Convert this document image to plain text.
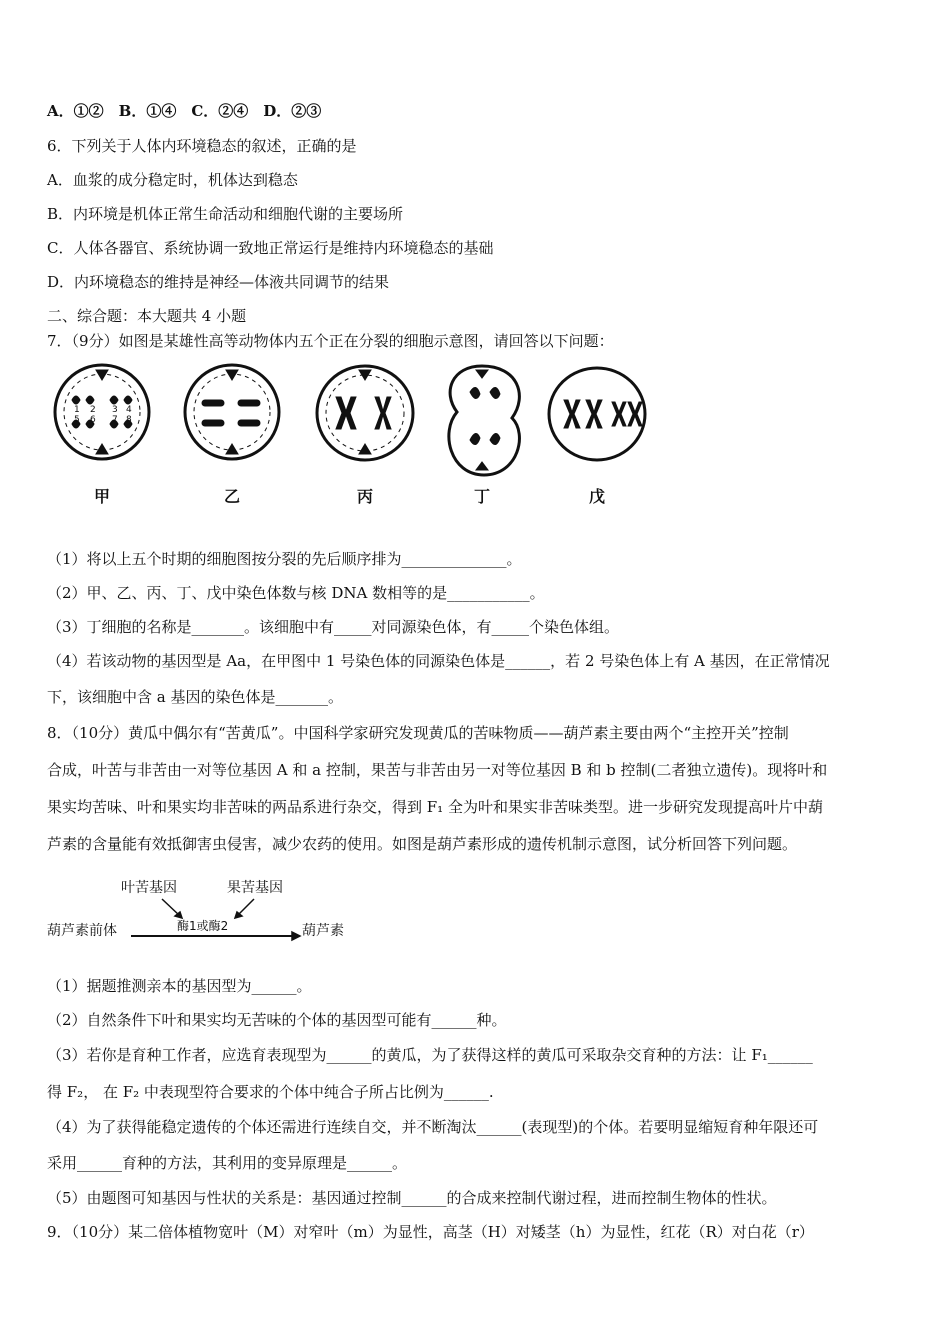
A．①②　B．①④　C．②④　D．②③
6．下列关于人体内环境稳态的叙述，正确的是
A．血浆的成分稳定时，机体达到稳态
B．内环境是机体正常生命活动和细胞代谢的主要场所
C．人体各器官、系统协调一致地正常运行是维持内环境稳态的基础
D．内环境稳态的维持是神经—体液共同调节的结果
二、综合题：本大题共 4 小题
7．（9分）如图是某雄性高等动物体内五个正在分裂的细胞示意图，请回答以下问题：
1 2 3 4
5 6 7 8
甲	乙	丙	丁	戊
（1）将以上五个时期的细胞图按分裂的先后顺序排为______________。
（2）甲、乙、丙、丁、戊中染色体数与核 DNA 数相等的是___________。
（3）丁细胞的名称是_______。该细胞中有_____对同源染色体，有_____个染色体组。
（4）若该动物的基因型是 Aa，在甲图中 1 号染色体的同源染色体是______，若 2 号染色体上有 A 基因，在正常情况
下，该细胞中含 a 基因的染色体是_______。
8．（10分）黄瓜中偶尔有“苦黄瓜”。中国科学家研究发现黄瓜的苦味物质——葫芦素主要由两个“主控开关”控制
合成，叶苦与非苦由一对等位基因 A 和 a 控制，果苦与非苦由另一对等位基因 B 和 b 控制(二者独立遗传)。现将叶和
果实均苦味、叶和果实均非苦味的两品系进行杂交，得到 F₁ 全为叶和果实非苦味类型。进一步研究发现提高叶片中葫
芦素的含量能有效抵御害虫侵害，减少农药的使用。如图是葫芦素形成的遗传机制示意图，试分析回答下列问题。
叶苦基因	果苦基因
葫芦素前体	酶1或酶2	葫芦素
（1）据题推测亲本的基因型为______。
（2）自然条件下叶和果实均无苦味的个体的基因型可能有______种。
（3）若你是育种工作者，应选育表现型为______的黄瓜，为了获得这样的黄瓜可采取杂交育种的方法：让 F₁______
得 F₂， 在 F₂ 中表现型符合要求的个体中纯合子所占比例为______.
（4）为了获得能稳定遗传的个体还需进行连续自交，并不断淘汰______(表现型)的个体。若要明显缩短育种年限还可
采用______育种的方法，其利用的变异原理是______。
（5）由题图可知基因与性状的关系是：基因通过控制______的合成来控制代谢过程，进而控制生物体的性状。
9．（10分）某二倍体植物宽叶（M）对窄叶（m）为显性，高茎（H）对矮茎（h）为显性，红花（R）对白花（r）
